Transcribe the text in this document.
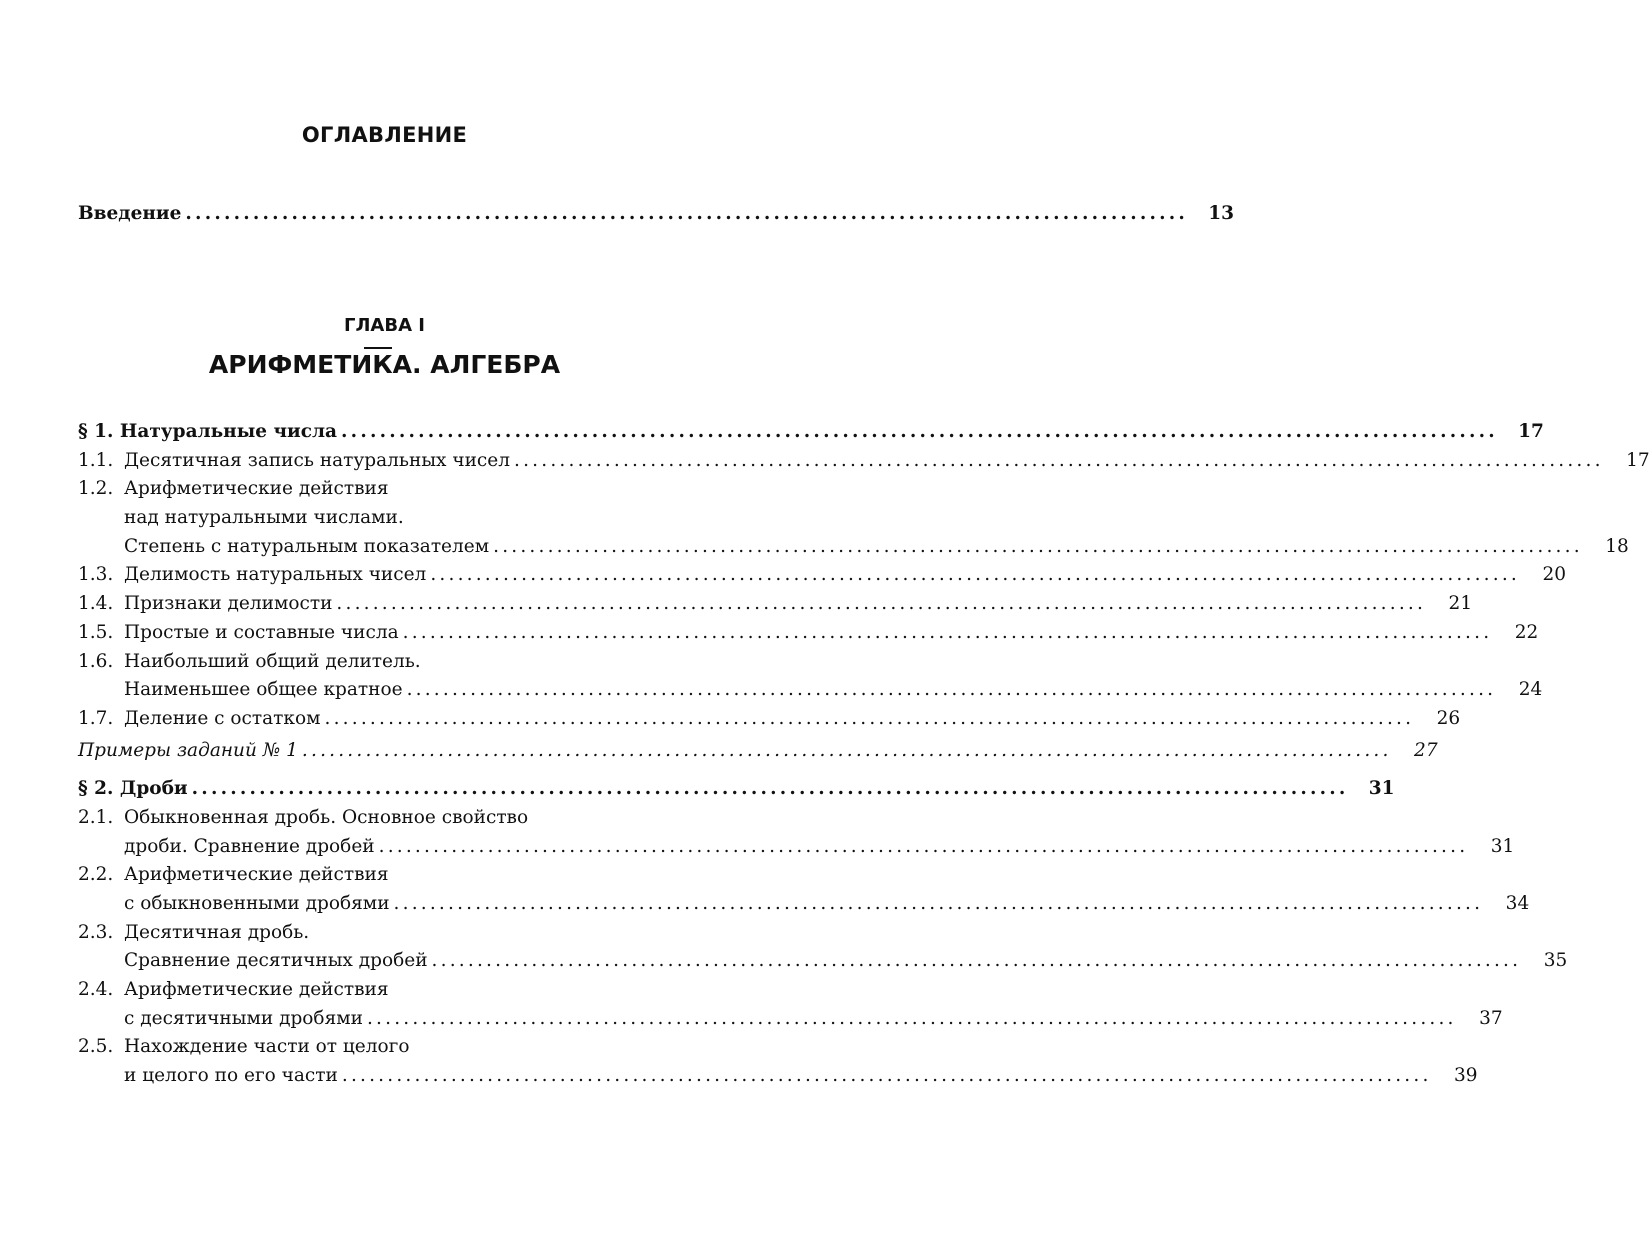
ОГЛАВЛЕНИЕ
Введение ........................................................................................................	13
ГЛАВА I
АРИФМЕТИКА. АЛГЕБРА
§ 1. Натуральные числа ........................................................................................................................	17
1.1. Десятичная запись натуральных чисел ........................................................................................................................	17
1.2. Арифметические действия
над натуральными числами.
Степень с натуральным показателем ........................................................................................................................	18
1.3. Делимость натуральных чисел ........................................................................................................................	20
1.4. Признаки делимости ........................................................................................................................	21
1.5. Простые и составные числа ........................................................................................................................	22
1.6. Наибольший общий делитель.
Наименьшее общее кратное ........................................................................................................................	24
1.7. Деление с остатком ........................................................................................................................	26
Примеры заданий № 1 ........................................................................................................................	27
§ 2. Дроби ........................................................................................................................	31
2.1. Обыкновенная дробь. Основное свойство
дроби. Сравнение дробей ........................................................................................................................	31
2.2. Арифметические действия
с обыкновенными дробями ........................................................................................................................	34
2.3. Десятичная дробь.
Сравнение десятичных дробей ........................................................................................................................	35
2.4. Арифметические действия
с десятичными дробями ........................................................................................................................	37
2.5. Нахождение части от целого
и целого по его части ........................................................................................................................	39
